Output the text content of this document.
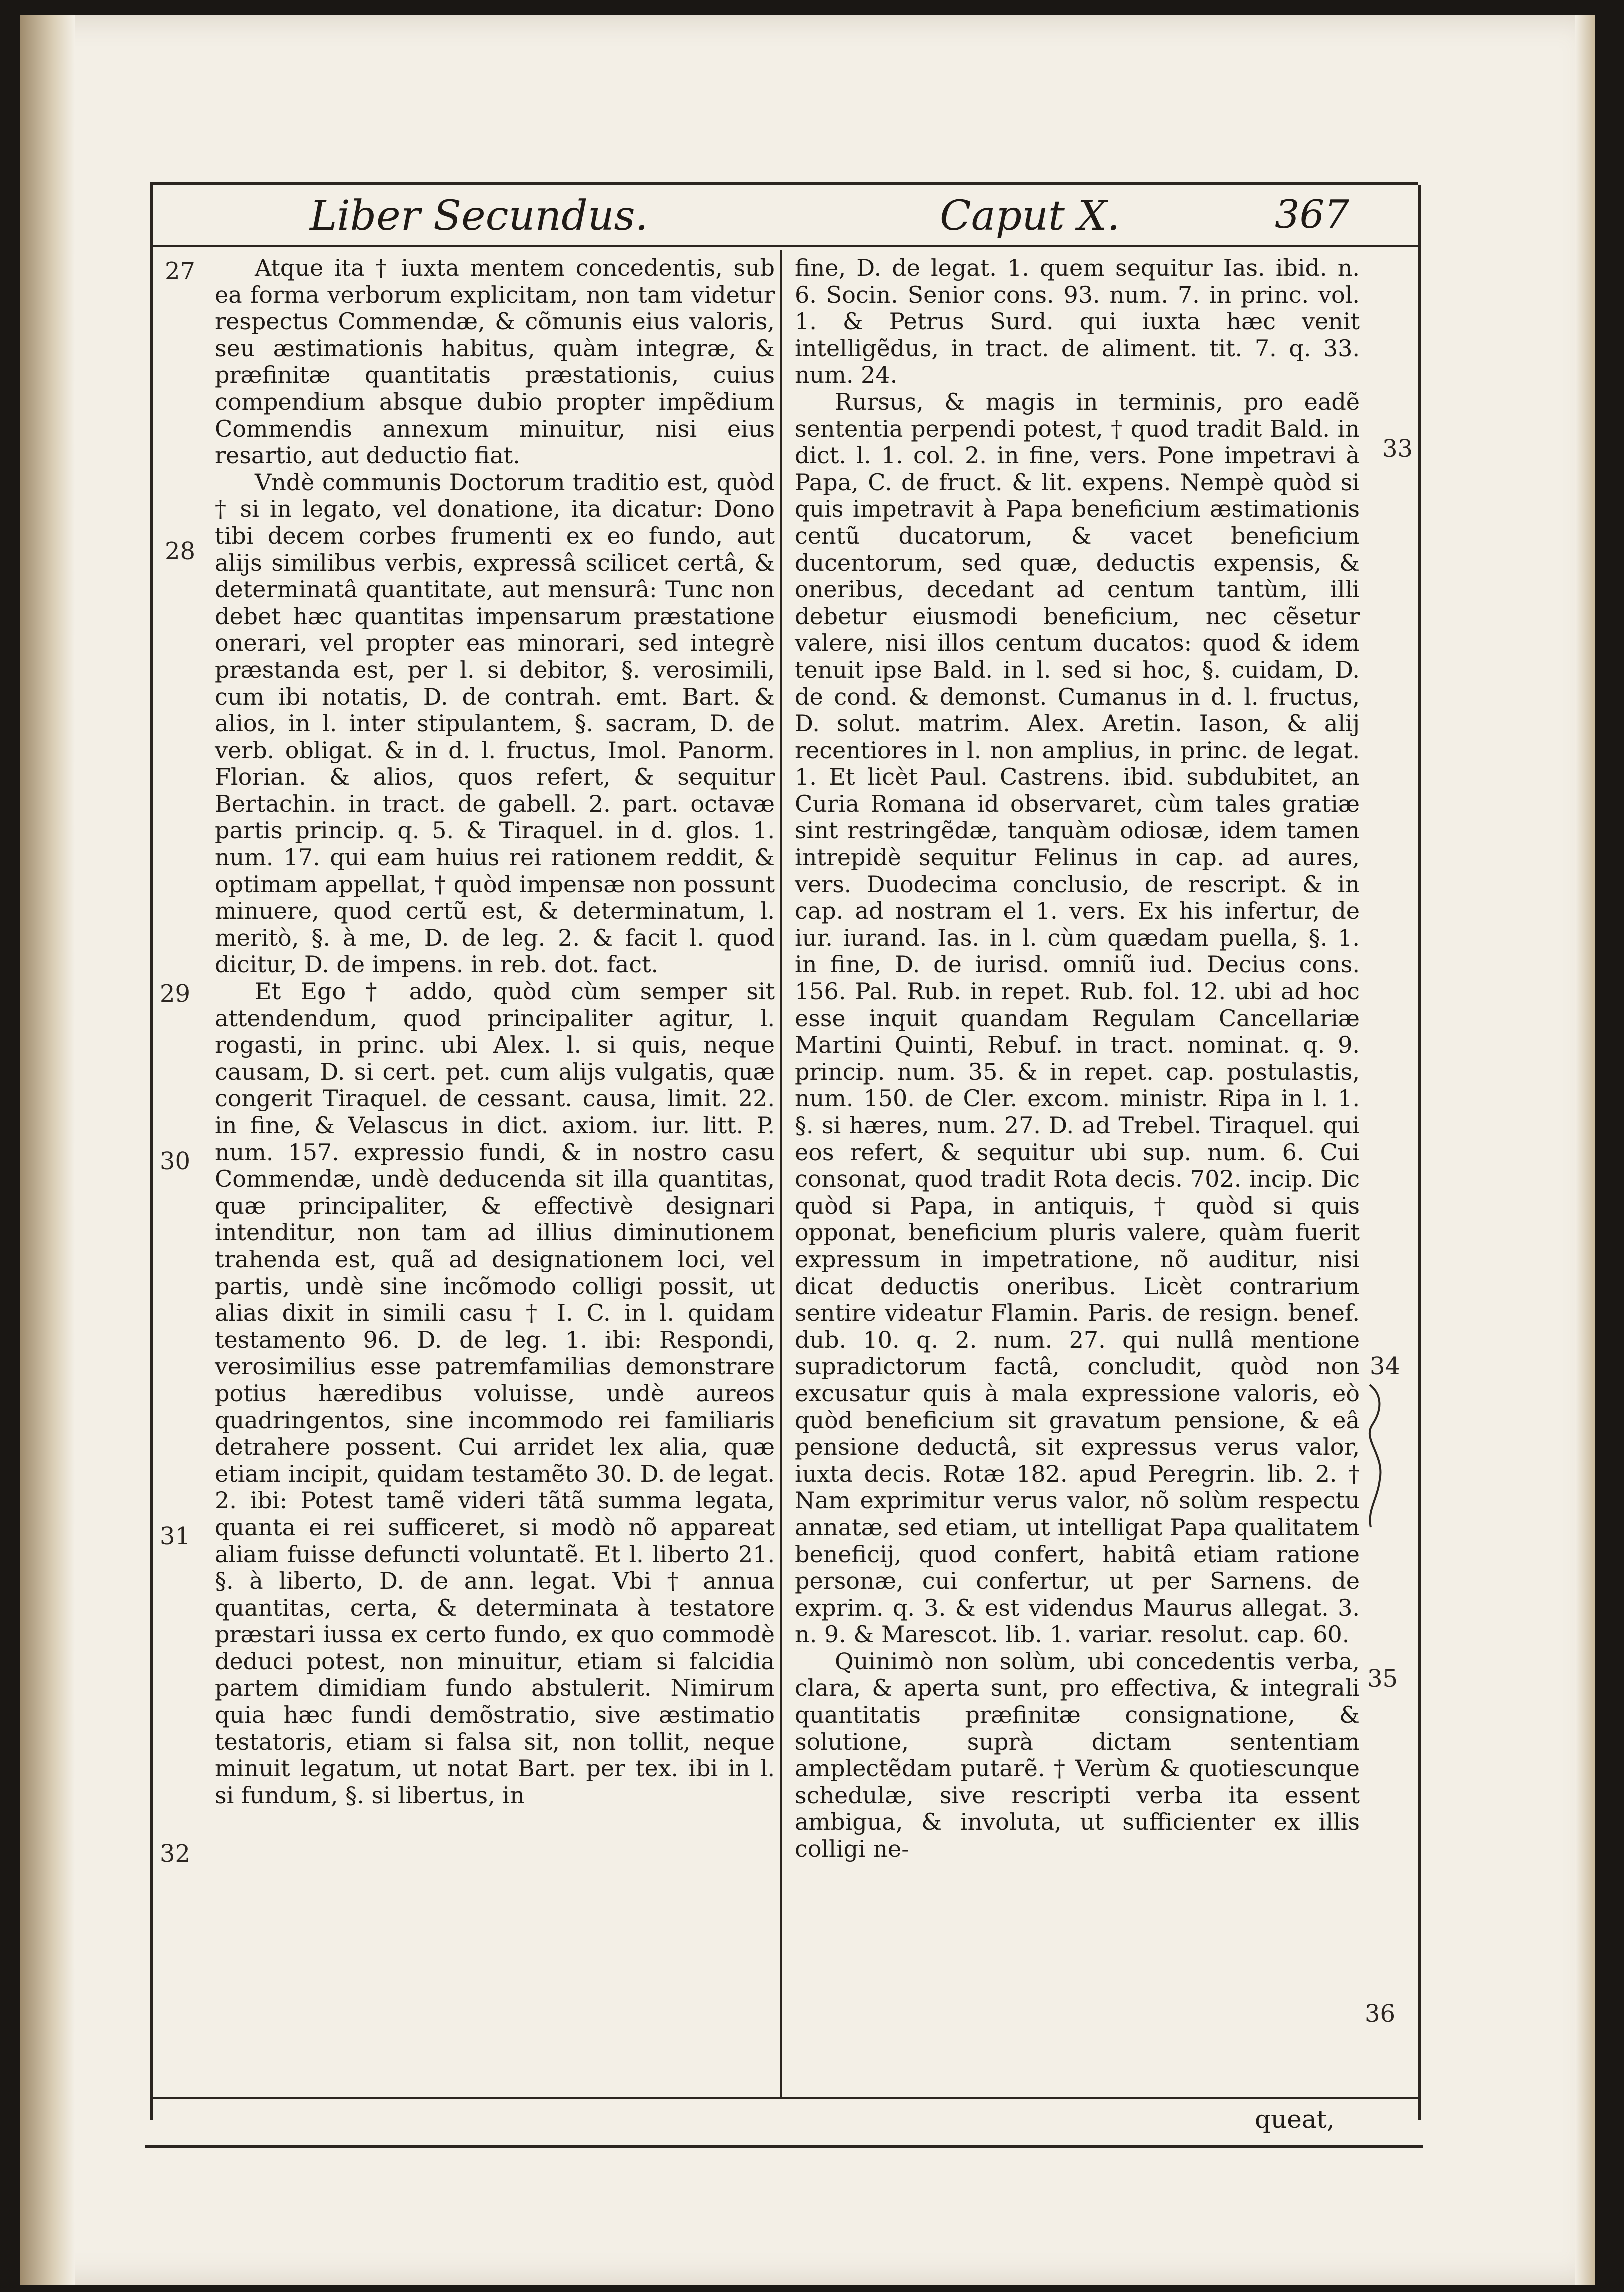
Liber Secundus.	Caput X.	367
27
28
29
30
31
32
33
34
35
36

Atque ita † iuxta mentem concedentis, sub ea forma verborum explicitam, non tam videtur respectus Commendæ, & cõmunis eius valoris, seu æstimationis habitus, quàm integræ, & præfinitæ quantitatis præstationis, cuius compendium absque dubio propter impẽdium Commendis annexum minuitur, nisi eius resartio, aut deductio fiat.

Vndè communis Doctorum traditio est, quòd † si in legato, vel donatione, ita dicatur: Dono tibi decem corbes frumenti ex eo fundo, aut alijs similibus verbis, expressâ scilicet certâ, & determinatâ quantitate, aut mensurâ: Tunc non debet hæc quantitas impensarum præstatione onerari, vel propter eas minorari, sed integrè præstanda est, per l. si debitor, §. verosimili, cum ibi notatis, D. de contrah. emt. Bart. & alios, in l. inter stipulantem, §. sacram, D. de verb. obligat. & in d. l. fructus, Imol. Panorm. Florian. & alios, quos refert, & sequitur Bertachin. in tract. de gabell. 2. part. octavæ partis princip. q. 5. & Tiraquel. in d. glos. 1. num. 17. qui eam huius rei rationem reddit, & optimam appellat, † quòd impensæ non possunt minuere, quod certũ est, & determinatum, l. meritò, §. à me, D. de leg. 2. & facit l. quod dicitur, D. de impens. in reb. dot. fact.

Et Ego † addo, quòd cùm semper sit attendendum, quod principaliter agitur, l. rogasti, in princ. ubi Alex. l. si quis, neque causam, D. si cert. pet. cum alijs vulgatis, quæ congerit Tiraquel. de cessant. causa, limit. 22. in fine, & Velascus in dict. axiom. iur. litt. P. num. 157. expressio fundi, & in nostro casu Commendæ, undè deducenda sit illa quantitas, quæ principaliter, & effectivè designari intenditur, non tam ad illius diminutionem trahenda est, quã ad designationem loci, vel partis, undè sine incõmodo colligi possit, ut alias dixit in simili casu † I. C. in l. quidam testamento 96. D. de leg. 1. ibi: Respondi, verosimilius esse patremfamilias demonstrare potius hæredibus voluisse, undè aureos quadringentos, sine incommodo rei familiaris detrahere possent. Cui arridet lex alia, quæ etiam incipit, quidam testamẽto 30. D. de legat. 2. ibi: Potest tamẽ videri tãtã summa legata, quanta ei rei sufficeret, si modò nõ appareat aliam fuisse defuncti voluntatẽ. Et l. liberto 21. §. à liberto, D. de ann. legat. Vbi † annua quantitas, certa, & determinata à testatore præstari iussa ex certo fundo, ex quo commodè deduci potest, non minuitur, etiam si falcidia partem dimidiam fundo abstulerit. Nimirum quia hæc fundi demõstratio, sive æstimatio testatoris, etiam si falsa sit, non tollit, neque minuit legatum, ut notat Bart. per tex. ibi in l. si fundum, §. si libertus, in

fine, D. de legat. 1. quem sequitur Ias. ibid. n. 6. Socin. Senior cons. 93. num. 7. in princ. vol. 1. & Petrus Surd. qui iuxta hæc venit intelligẽdus, in tract. de aliment. tit. 7. q. 33. num. 24.

Rursus, & magis in terminis, pro eadẽ sententia perpendi potest, † quod tradit Bald. in dict. l. 1. col. 2. in fine, vers. Pone impetravi à Papa, C. de fruct. & lit. expens. Nempè quòd si quis impetravit à Papa beneficium æstimationis centũ ducatorum, & vacet beneficium ducentorum, sed quæ, deductis expensis, & oneribus, decedant ad centum tantùm, illi debetur eiusmodi beneficium, nec cẽsetur valere, nisi illos centum ducatos: quod & idem tenuit ipse Bald. in l. sed si hoc, §. cuidam, D. de cond. & demonst. Cumanus in d. l. fructus, D. solut. matrim. Alex. Aretin. Iason, & alij recentiores in l. non amplius, in princ. de legat. 1. Et licèt Paul. Castrens. ibid. subdubitet, an Curia Romana id observaret, cùm tales gratiæ sint restringẽdæ, tanquàm odiosæ, idem tamen intrepidè sequitur Felinus in cap. ad aures, vers. Duodecima conclusio, de rescript. & in cap. ad nostram el 1. vers. Ex his infertur, de iur. iurand. Ias. in l. cùm quædam puella, §. 1. in fine, D. de iurisd. omniũ iud. Decius cons. 156. Pal. Rub. in repet. Rub. fol. 12. ubi ad hoc esse inquit quandam Regulam Cancellariæ Martini Quinti, Rebuf. in tract. nominat. q. 9. princip. num. 35. & in repet. cap. postulastis, num. 150. de Cler. excom. ministr. Ripa in l. 1. §. si hæres, num. 27. D. ad Trebel. Tiraquel. qui eos refert, & sequitur ubi sup. num. 6. Cui consonat, quod tradit Rota decis. 702. incip. Dic quòd si Papa, in antiquis, † quòd si quis opponat, beneficium pluris valere, quàm fuerit expressum in impetratione, nõ auditur, nisi dicat deductis oneribus. Licèt contrarium sentire videatur Flamin. Paris. de resign. benef. dub. 10. q. 2. num. 27. qui nullâ mentione supradictorum factâ, concludit, quòd non excusatur quis à mala expressione valoris, eò quòd beneficium sit gravatum pensione, & eâ pensione deductâ, sit expressus verus valor, iuxta decis. Rotæ 182. apud Peregrin. lib. 2. † Nam exprimitur verus valor, nõ solùm respectu annatæ, sed etiam, ut intelligat Papa qualitatem beneficij, quod confert, habitâ etiam ratione personæ, cui confertur, ut per Sarnens. de exprim. q. 3. & est videndus Maurus allegat. 3. n. 9. & Marescot. lib. 1. variar. resolut. cap. 60.

Quinimò non solùm, ubi concedentis verba, clara, & aperta sunt, pro effectiva, & integrali quantitatis præfinitæ consignatione, & solutione, suprà dictam sententiam amplectẽdam putarẽ. † Verùm & quotiescunque schedulæ, sive rescripti verba ita essent ambigua, & involuta, ut sufficienter ex illis colligi ne-

queat,
